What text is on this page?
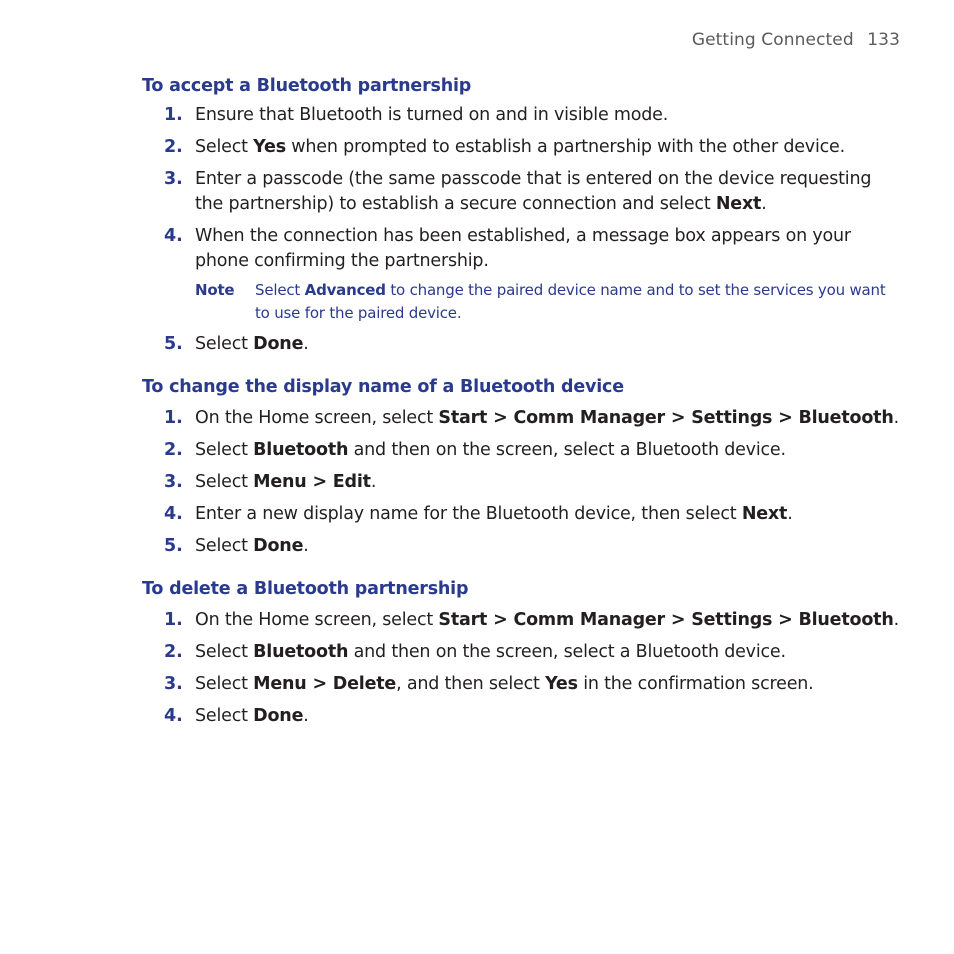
Getting Connected 133
To accept a Bluetooth partnership
1. Ensure that Bluetooth is turned on and in visible mode.
2. Select Yes when prompted to establish a partnership with the other device.
3. Enter a passcode (the same passcode that is entered on the device requesting the partnership) to establish a secure connection and select Next.
4. When the connection has been established, a message box appears on your phone confirming the partnership.
Note Select Advanced to change the paired device name and to set the services you want to use for the paired device.
5. Select Done.
To change the display name of a Bluetooth device
1. On the Home screen, select Start > Comm Manager > Settings > Bluetooth.
2. Select Bluetooth and then on the screen, select a Bluetooth device.
3. Select Menu > Edit.
4. Enter a new display name for the Bluetooth device, then select Next.
5. Select Done.
To delete a Bluetooth partnership
1. On the Home screen, select Start > Comm Manager > Settings > Bluetooth.
2. Select Bluetooth and then on the screen, select a Bluetooth device.
3. Select Menu > Delete, and then select Yes in the confirmation screen.
4. Select Done.
